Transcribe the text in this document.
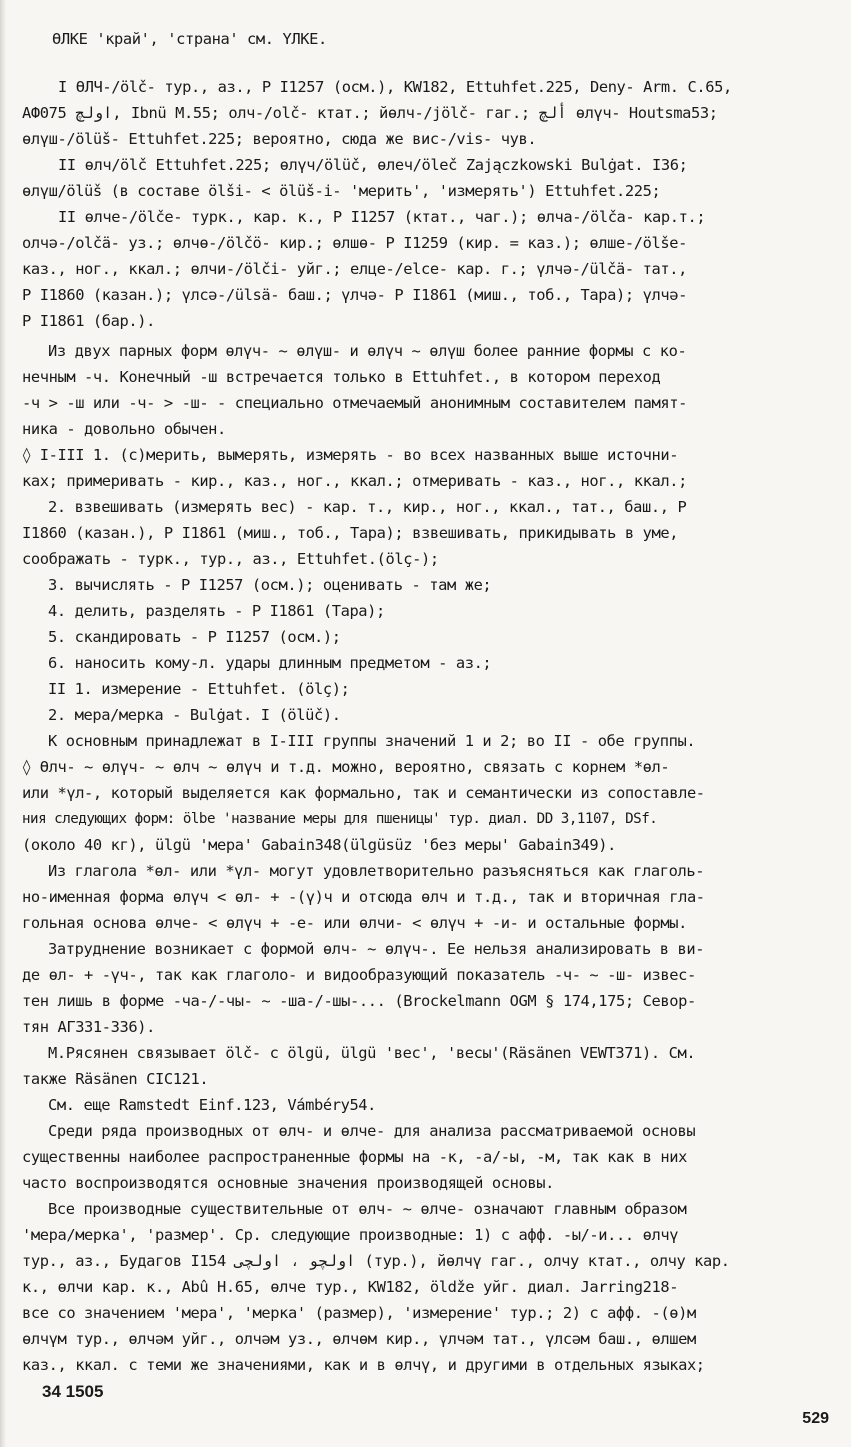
ӨЛКЕ 'край', 'страна' см. ҮЛКЕ.
I ӨЛЧ-/ӧlč- тур., аз., Р I1257 (осм.), KW182, Ettuhfet.225, Deny- Arm. C.65,
АФ075 اولچ, Ibnü M.55; олч-/olč- ктат.; йөлч-/jölč- гаг.; ألچ өлүч- Houtsma53;
өлүш-/ölüš- Ettuhfet.225; вероятно, сюда же виc-/vis- чув.
II өлч/ölč Ettuhfet.225; өлүч/ölüč, өлеч/öleč Zajączkowski Bulġat. I36;
өлүш/ölüš (в составе ölši- < ölüš-i- 'мерить', 'измерять') Ettuhfet.225;
II өлче-/ölče- турк., кар. к., Р I1257 (ктат., чаг.); өлча-/ölča- кар.т.;
олчә-/olčä- уз.; өлчө-/ölčö- кир.; өлшө- Р I1259 (кир. = каз.); өлше-/ölše-
каз., ног., ккал.; өлчи-/ölči- уйг.; елце-/elce- кар. г.; үлчә-/ülčä- тат.,
Р I1860 (казан.); үлсә-/ülsä- баш.; үлчә- Р I1861 (миш., тоб., Тара); үлчә-
Р I1861 (бар.).
Из двух парных форм өлүч- ~ өлүш- и өлүч ~ өлүш более ранние формы с ко-
нечным -ч. Конечный -ш встречается только в Ettuhfet., в котором переход
-ч > -ш или -ч- > -ш- - специально отмечаемый анонимным составителем памят-
ника - довольно обычен.
◊ I-III 1. (с)мерить, вымерять, измерять - во всех названных выше источни-
ках; примеривать - кир., каз., ног., ккал.; отмеривать - каз., ног., ккал.;
2. взвешивать (измерять вес) - кар. т., кир., ног., ккал., тат., баш., Р
I1860 (казан.), Р I1861 (миш., тоб., Тара); взвешивать, прикидывать в уме,
соображать - турк., тур., аз., Ettuhfet.(ölç-);
3. вычислять - Р I1257 (осм.); оценивать - там же;
4. делить, разделять - Р I1861 (Тара);
5. скандировать - Р I1257 (осм.);
6. наносить кому-л. удары длинным предметом - аз.;
II 1. измерение - Ettuhfet. (ölç);
2. мера/мерка - Bulġat. I (ölüč).
К основным принадлежат в I-III группы значений 1 и 2; во II - обе группы.
◊ Өлч- ~ өлүч- ~ өлч ~ өлүч и т.д. можно, вероятно, связать с корнем *өл-
или *үл-, который выделяется как формально, так и семантически из сопоставле-
ния следующих форм: ölbe 'название меры для пшеницы' тур. диал. DD 3,1107, DSf.
(около 40 кг), ülgü 'мера' Gabain348(ülgüsüz 'без меры' Gabain349).
Из глагола *өл- или *үл- могут удовлетворительно разъясняться как глаголь-
но-именная форма өлүч < өл- + -(ү)ч и отсюда өлч и т.д., так и вторичная гла-
гольная основа өлче- < өлүч + -е- или өлчи- < өлүч + -и- и остальные формы.
Затруднение возникает с формой өлч- ~ өлүч-. Ее нельзя анализировать в ви-
де өл- + -үч-, так как глаголо- и видообразующий показатель -ч- ~ -ш- извес-
тен лишь в форме -ча-/-чы- ~ -ша-/-шы-... (Brockelmann OGM § 174,175; Севор-
тян АГ331-336).
М.Рясянен связывает ölč- с ölgü, ülgü 'вес', 'весы'(Räsänen VEWT371). См.
также Räsänen CIC121.
См. еще Ramstedt Einf.123, Vámbéry54.
Среди ряда производных от өлч- и өлче- для анализа рассматриваемой основы
существенны наиболее распространенные формы на -к, -а/-ы, -м, так как в них
часто воспроизводятся основные значения производящей основы.
Все производные существительные от өлч- ~ өлче- означают главным образом
'мера/мерка', 'размер'. Ср. следующие производные: 1) с афф. -ы/-и... өлчү
тур., аз., Будагов I154 اولچو ، اولچی (тур.), йөлчү гаг., олчу ктат., олчу кар.
к., өлчи кар. к., Abû H.65, өлче тур., KW182, öldže уйг. диал. Jarring218-
все со значением 'мера', 'мерка' (размер), 'измерение' тур.; 2) с афф. -(ө)м
өлчүм тур., өлчәм уйг., олчәм уз., өлчөм кир., үлчәм тат., үлсәм баш., өлшем
каз., ккал. с теми же значениями, как и в өлчү, и другими в отдельных языках;
34 1505
529
